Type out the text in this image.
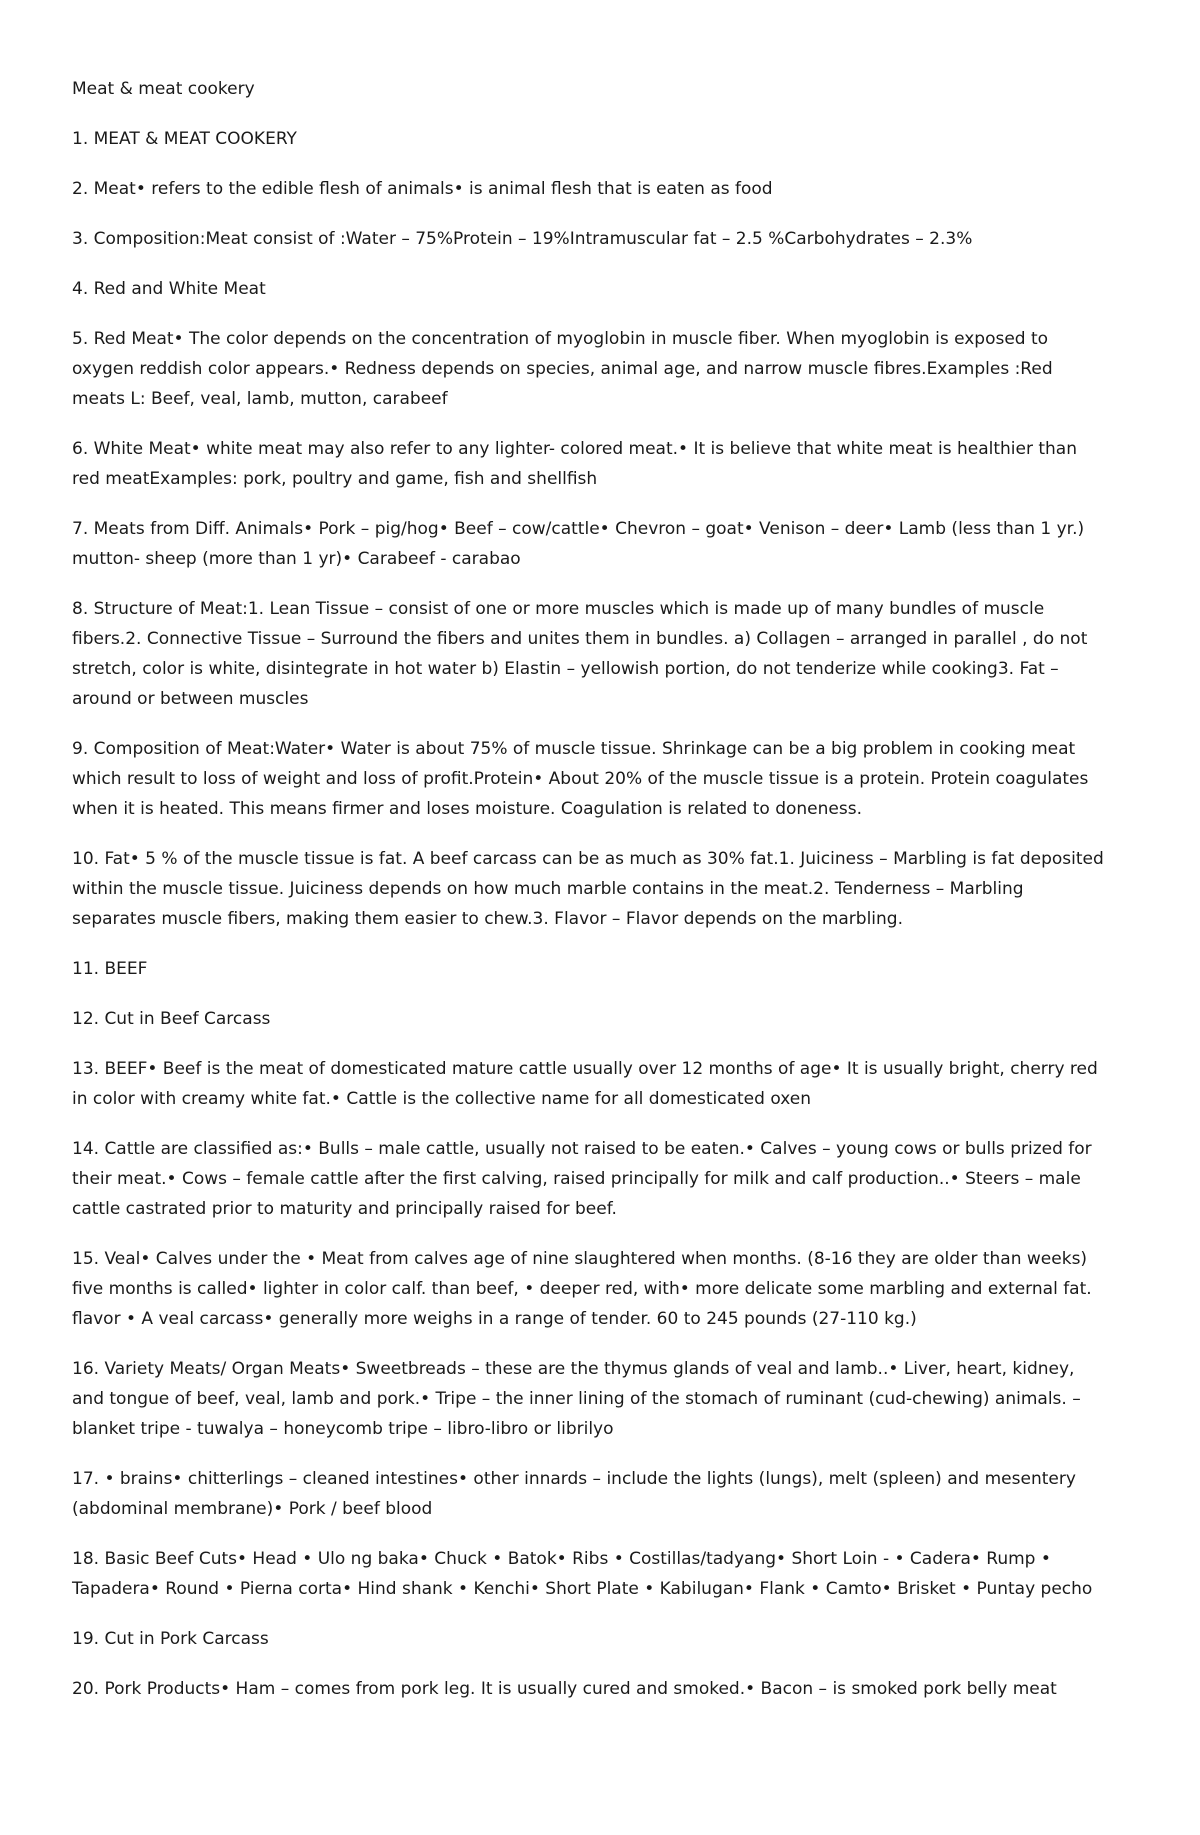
Meat & meat cookery

1. MEAT & MEAT COOKERY

2. Meat• refers to the edible flesh of animals• is animal flesh that is eaten as food

3. Composition:Meat consist of :Water – 75%Protein – 19%Intramuscular fat – 2.5 %Carbohydrates – 2.3%

4. Red and White Meat

5. Red Meat• The color depends on the concentration of myoglobin in muscle fiber. When myoglobin is exposed to oxygen reddish color appears.• Redness depends on species, animal age, and narrow muscle fibres.Examples :Red meats L: Beef, veal, lamb, mutton, carabeef

6. White Meat• white meat may also refer to any lighter- colored meat.• It is believe that white meat is healthier than red meatExamples: pork, poultry and game, fish and shellfish

7. Meats from Diff. Animals• Pork – pig/hog• Beef – cow/cattle• Chevron – goat• Venison – deer• Lamb (less than 1 yr.) mutton- sheep (more than 1 yr)• Carabeef - carabao

8. Structure of Meat:1. Lean Tissue – consist of one or more muscles which is made up of many bundles of muscle fibers.2. Connective Tissue – Surround the fibers and unites them in bundles. a) Collagen – arranged in parallel , do not stretch, color is white, disintegrate in hot water b) Elastin – yellowish portion, do not tenderize while cooking3. Fat – around or between muscles

9. Composition of Meat:Water• Water is about 75% of muscle tissue. Shrinkage can be a big problem in cooking meat which result to loss of weight and loss of profit.Protein• About 20% of the muscle tissue is a protein. Protein coagulates when it is heated. This means firmer and loses moisture. Coagulation is related to doneness.

10. Fat• 5 % of the muscle tissue is fat. A beef carcass can be as much as 30% fat.1. Juiciness – Marbling is fat deposited within the muscle tissue. Juiciness depends on how much marble contains in the meat.2. Tenderness – Marbling separates muscle fibers, making them easier to chew.3. Flavor – Flavor depends on the marbling.

11. BEEF

12. Cut in Beef Carcass

13. BEEF• Beef is the meat of domesticated mature cattle usually over 12 months of age• It is usually bright, cherry red in color with creamy white fat.• Cattle is the collective name for all domesticated oxen

14. Cattle are classified as:• Bulls – male cattle, usually not raised to be eaten.• Calves – young cows or bulls prized for their meat.• Cows – female cattle after the first calving, raised principally for milk and calf production..• Steers – male cattle castrated prior to maturity and principally raised for beef.

15. Veal• Calves under the • Meat from calves age of nine slaughtered when months. (8-16 they are older than weeks) five months is called• lighter in color calf. than beef, • deeper red, with• more delicate some marbling and external fat. flavor • A veal carcass• generally more weighs in a range of tender. 60 to 245 pounds (27-110 kg.)

16. Variety Meats/ Organ Meats• Sweetbreads – these are the thymus glands of veal and lamb..• Liver, heart, kidney, and tongue of beef, veal, lamb and pork.• Tripe – the inner lining of the stomach of ruminant (cud-chewing) animals. – blanket tripe - tuwalya – honeycomb tripe – libro-libro or librilyo

17. • brains• chitterlings – cleaned intestines• other innards – include the lights (lungs), melt (spleen) and mesentery (abdominal membrane)• Pork / beef blood

18. Basic Beef Cuts• Head • Ulo ng baka• Chuck • Batok• Ribs • Costillas/tadyang• Short Loin - • Cadera• Rump • Tapadera• Round • Pierna corta• Hind shank • Kenchi• Short Plate • Kabilugan• Flank • Camto• Brisket • Puntay pecho

19. Cut in Pork Carcass

20. Pork Products• Ham – comes from pork leg. It is usually cured and smoked.• Bacon – is smoked pork belly meat
